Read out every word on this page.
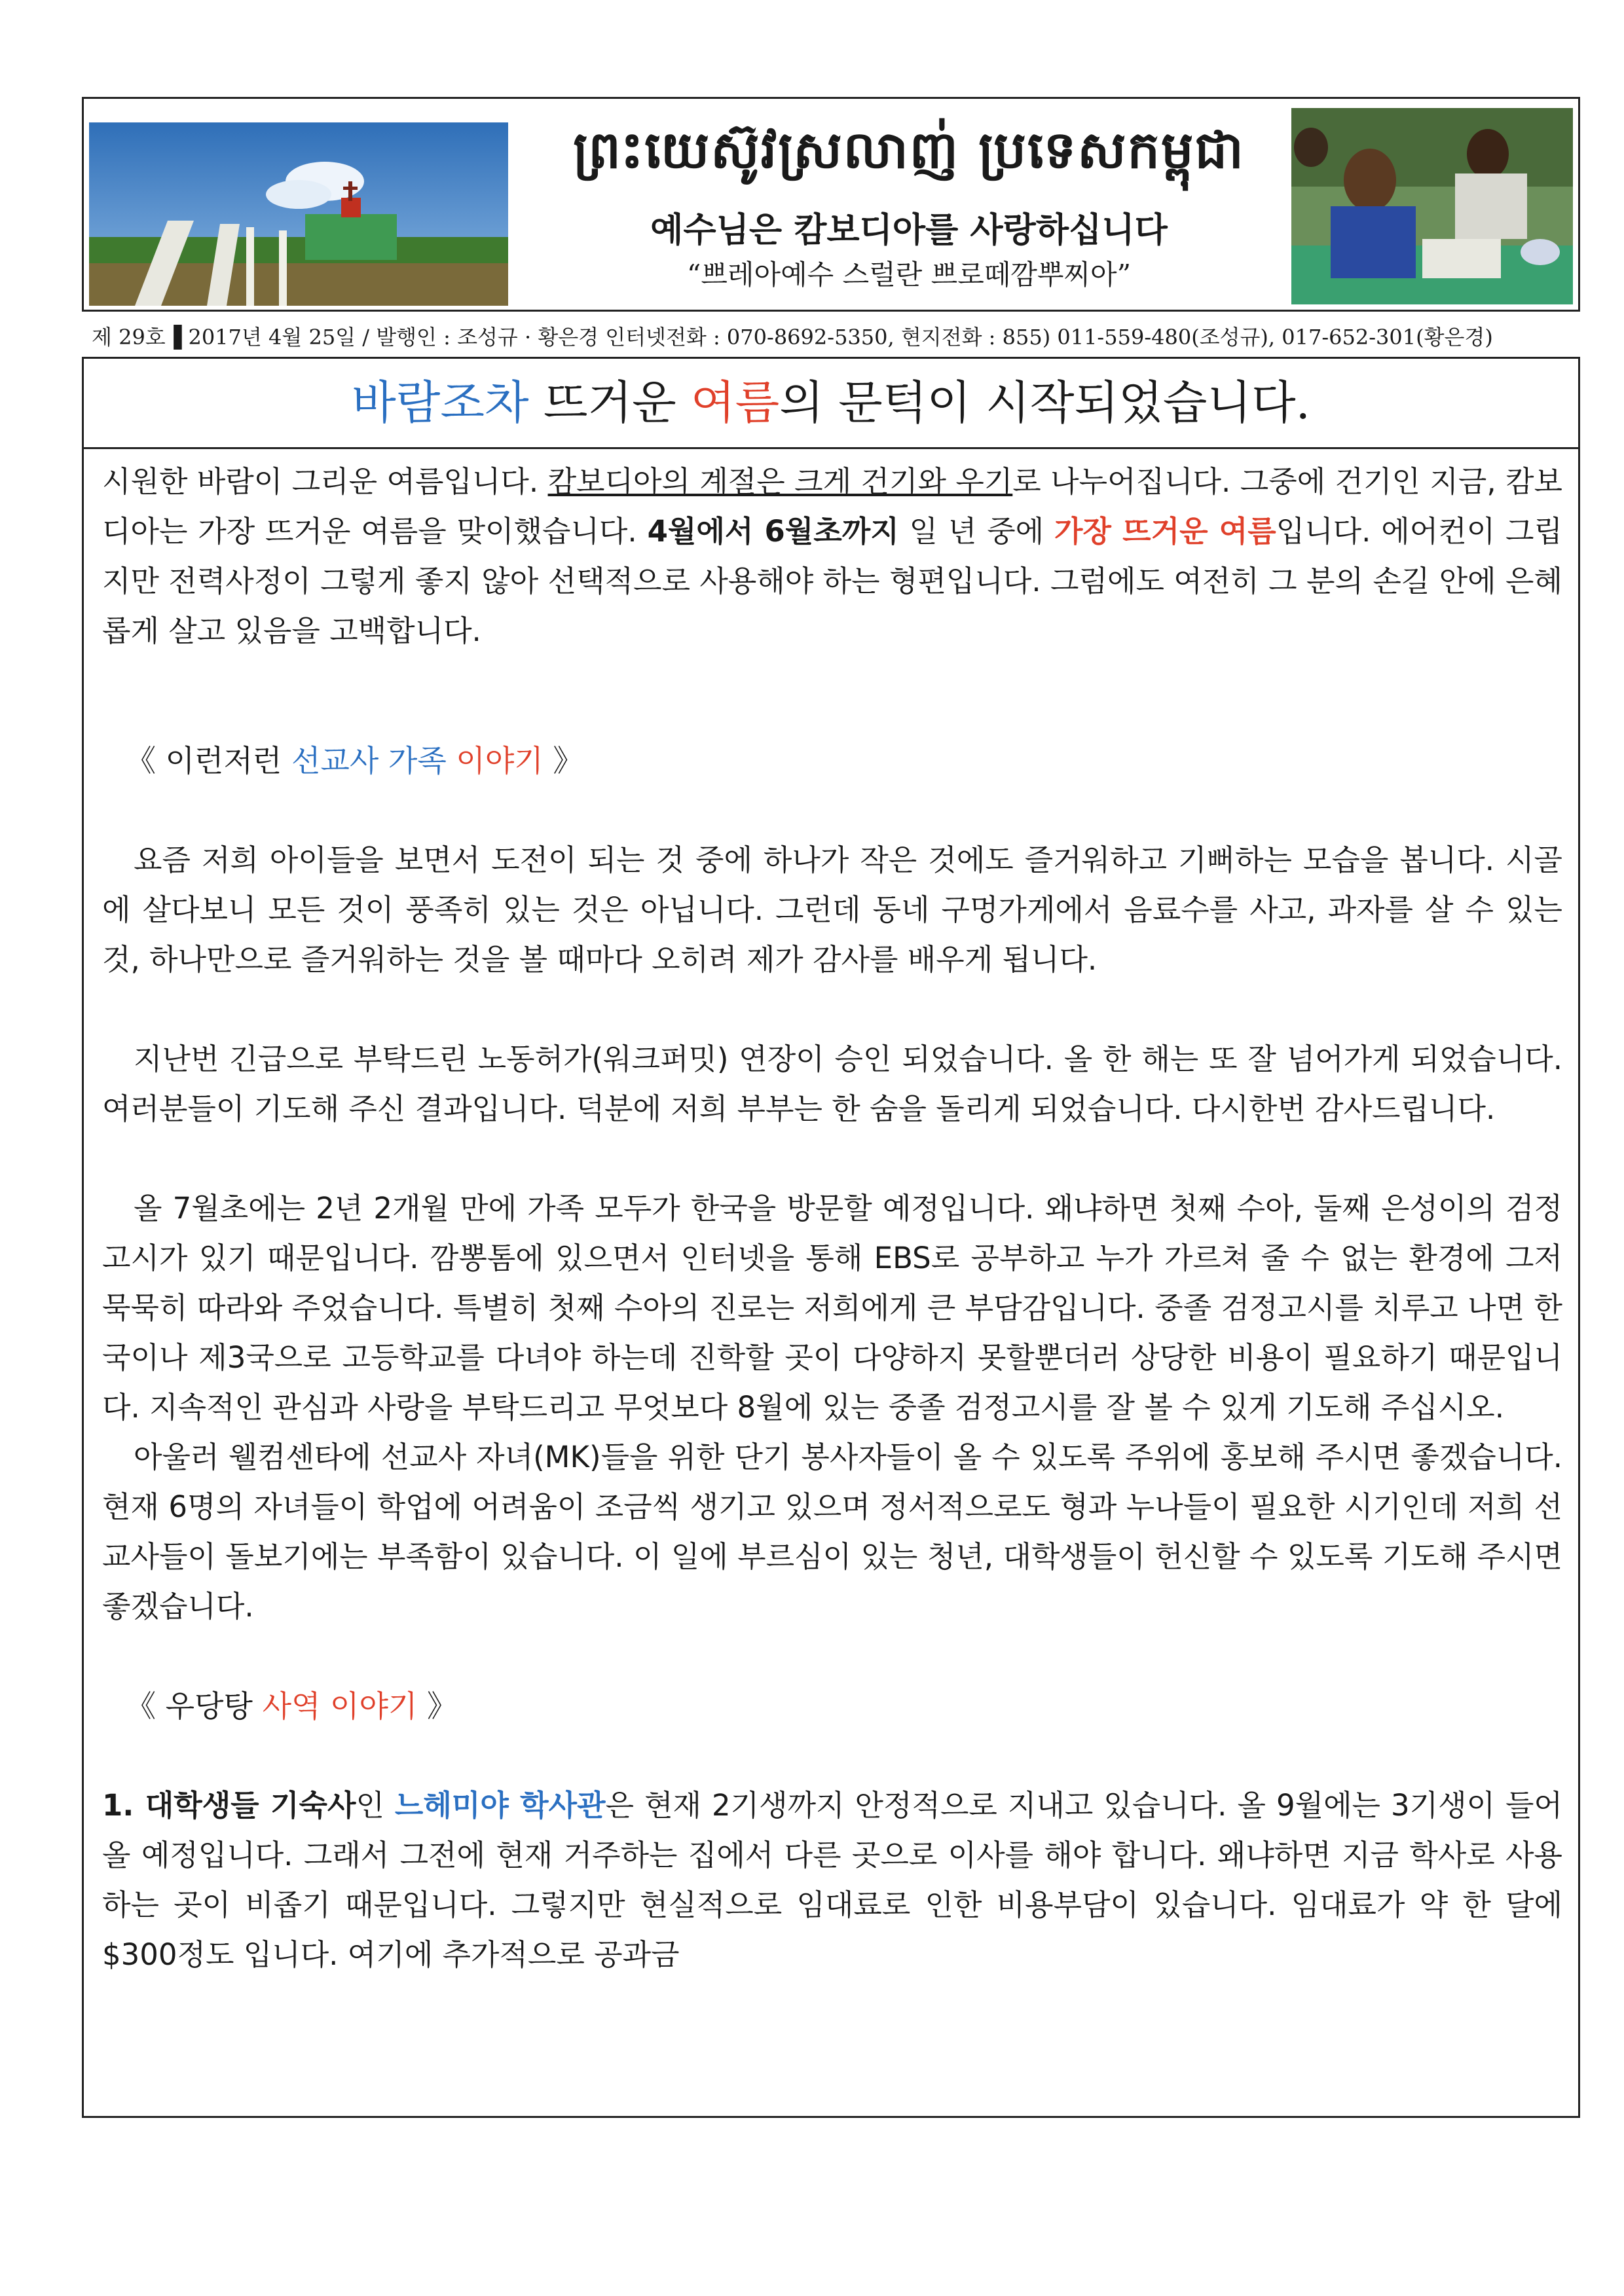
ព្រះយេស៊ូវស្រលាញ់ ប្រទេសកម្ពុជា
예수님은 캄보디아를 사랑하십니다
“쁘레아예수 스럴란 쁘로떼깜뿌찌아”
제 29호▐ 2017년 4월 25일 / 발행인 : 조성규 · 황은경 인터넷전화 : 070-8692-5350, 현지전화 : 855) 011-559-480(조성규), 017-652-301(황은경)
바람조차 뜨거운 여름의 문턱이 시작되었습니다.

시원한 바람이 그리운 여름입니다. 캄보디아의 계절은 크게 건기와 우기로 나누어집니다. 그중에 건기인 지금, 캄보디아는 가장 뜨거운 여름을 맞이했습니다. 4월에서 6월초까지 일 년 중에 가장 뜨거운 여름입니다. 에어컨이 그립지만 전력사정이 그렇게 좋지 않아 선택적으로 사용해야 하는 형편입니다. 그럼에도 여전히 그 분의 손길 안에 은혜롭게 살고 있음을 고백합니다.

《 이런저런 선교사 가족 이야기 》

요즘 저희 아이들을 보면서 도전이 되는 것 중에 하나가 작은 것에도 즐거워하고 기뻐하는 모습을 봅니다. 시골에 살다보니 모든 것이 풍족히 있는 것은 아닙니다. 그런데 동네 구멍가게에서 음료수를 사고, 과자를 살 수 있는 것, 하나만으로 즐거워하는 것을 볼 때마다 오히려 제가 감사를 배우게 됩니다.

지난번 긴급으로 부탁드린 노동허가(워크퍼밋) 연장이 승인 되었습니다. 올 한 해는 또 잘 넘어가게 되었습니다. 여러분들이 기도해 주신 결과입니다. 덕분에 저희 부부는 한 숨을 돌리게 되었습니다. 다시한번 감사드립니다.

올 7월초에는 2년 2개월 만에 가족 모두가 한국을 방문할 예정입니다. 왜냐하면 첫째 수아, 둘째 은성이의 검정고시가 있기 때문입니다. 깜뽕톰에 있으면서 인터넷을 통해 EBS로 공부하고 누가 가르쳐 줄 수 없는 환경에 그저 묵묵히 따라와 주었습니다. 특별히 첫째 수아의 진로는 저희에게 큰 부담감입니다. 중졸 검정고시를 치루고 나면 한국이나 제3국으로 고등학교를 다녀야 하는데 진학할 곳이 다양하지 못할뿐더러 상당한 비용이 필요하기 때문입니다. 지속적인 관심과 사랑을 부탁드리고 무엇보다 8월에 있는 중졸 검정고시를 잘 볼 수 있게 기도해 주십시오.

아울러 웰컴센타에 선교사 자녀(MK)들을 위한 단기 봉사자들이 올 수 있도록 주위에 홍보해 주시면 좋겠습니다. 현재 6명의 자녀들이 학업에 어려움이 조금씩 생기고 있으며 정서적으로도 형과 누나들이 필요한 시기인데 저희 선교사들이 돌보기에는 부족함이 있습니다. 이 일에 부르심이 있는 청년, 대학생들이 헌신할 수 있도록 기도해 주시면 좋겠습니다.

《 우당탕 사역 이야기 》

1. 대학생들 기숙사인 느헤미야 학사관은 현재 2기생까지 안정적으로 지내고 있습니다. 올 9월에는 3기생이 들어올 예정입니다. 그래서 그전에 현재 거주하는 집에서 다른 곳으로 이사를 해야 합니다. 왜냐하면 지금 학사로 사용하는 곳이 비좁기 때문입니다. 그렇지만 현실적으로 임대료로 인한 비용부담이 있습니다. 임대료가 약 한 달에 $300정도 입니다. 여기에 추가적으로 공과금
